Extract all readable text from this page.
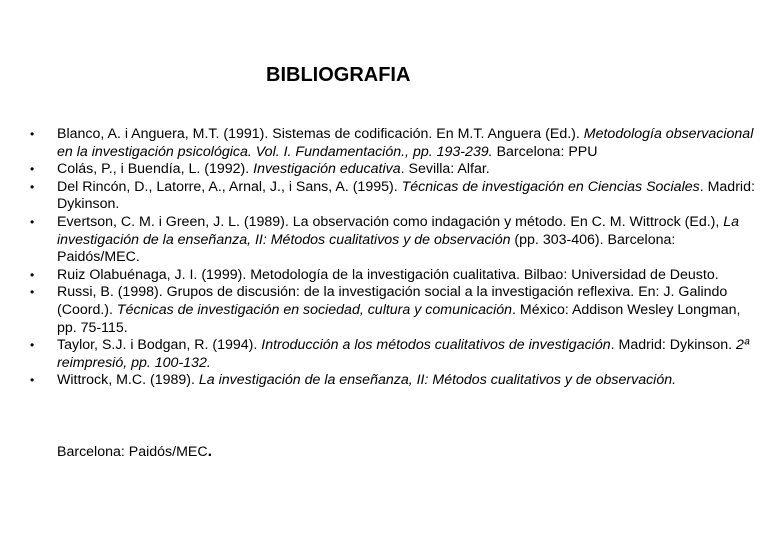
BIBLIOGRAFIA
•	Blanco, A. i Anguera, M.T. (1991). Sistemas de codificación. En M.T. Anguera (Ed.). Metodología observacional en la investigación psicológica. Vol. I. Fundamentación., pp. 193-239. Barcelona: PPU
•	Colás, P., i Buendía, L. (1992). Investigación educativa. Sevilla: Alfar.
•	Del Rincón, D., Latorre, A., Arnal, J., i Sans, A. (1995). Técnicas de investigación en Ciencias Sociales. Madrid: Dykinson.
•	Evertson, C. M. i Green, J. L. (1989). La observación como indagación y método. En C. M. Wittrock (Ed.), La investigación de la enseñanza, II: Métodos cualitativos y de observación (pp. 303-406). Barcelona: Paidós/MEC.
•	Ruiz Olabuénaga, J. I. (1999). Metodología de la investigación cualitativa. Bilbao: Universidad de Deusto.
•	Russi, B. (1998). Grupos de discusión: de la investigación social a la investigación reflexiva. En: J. Galindo (Coord.). Técnicas de investigación en sociedad, cultura y comunicación. México: Addison Wesley Longman, pp. 75-115.
•	Taylor, S.J. i Bodgan, R. (1994). Introducción a los métodos cualitativos de investigación. Madrid: Dykinson. 2ª reimpresió, pp. 100-132.
•	Wittrock, M.C. (1989). La investigación de la enseñanza, II: Métodos cualitativos y de observación.

Barcelona: Paidós/MEC.
